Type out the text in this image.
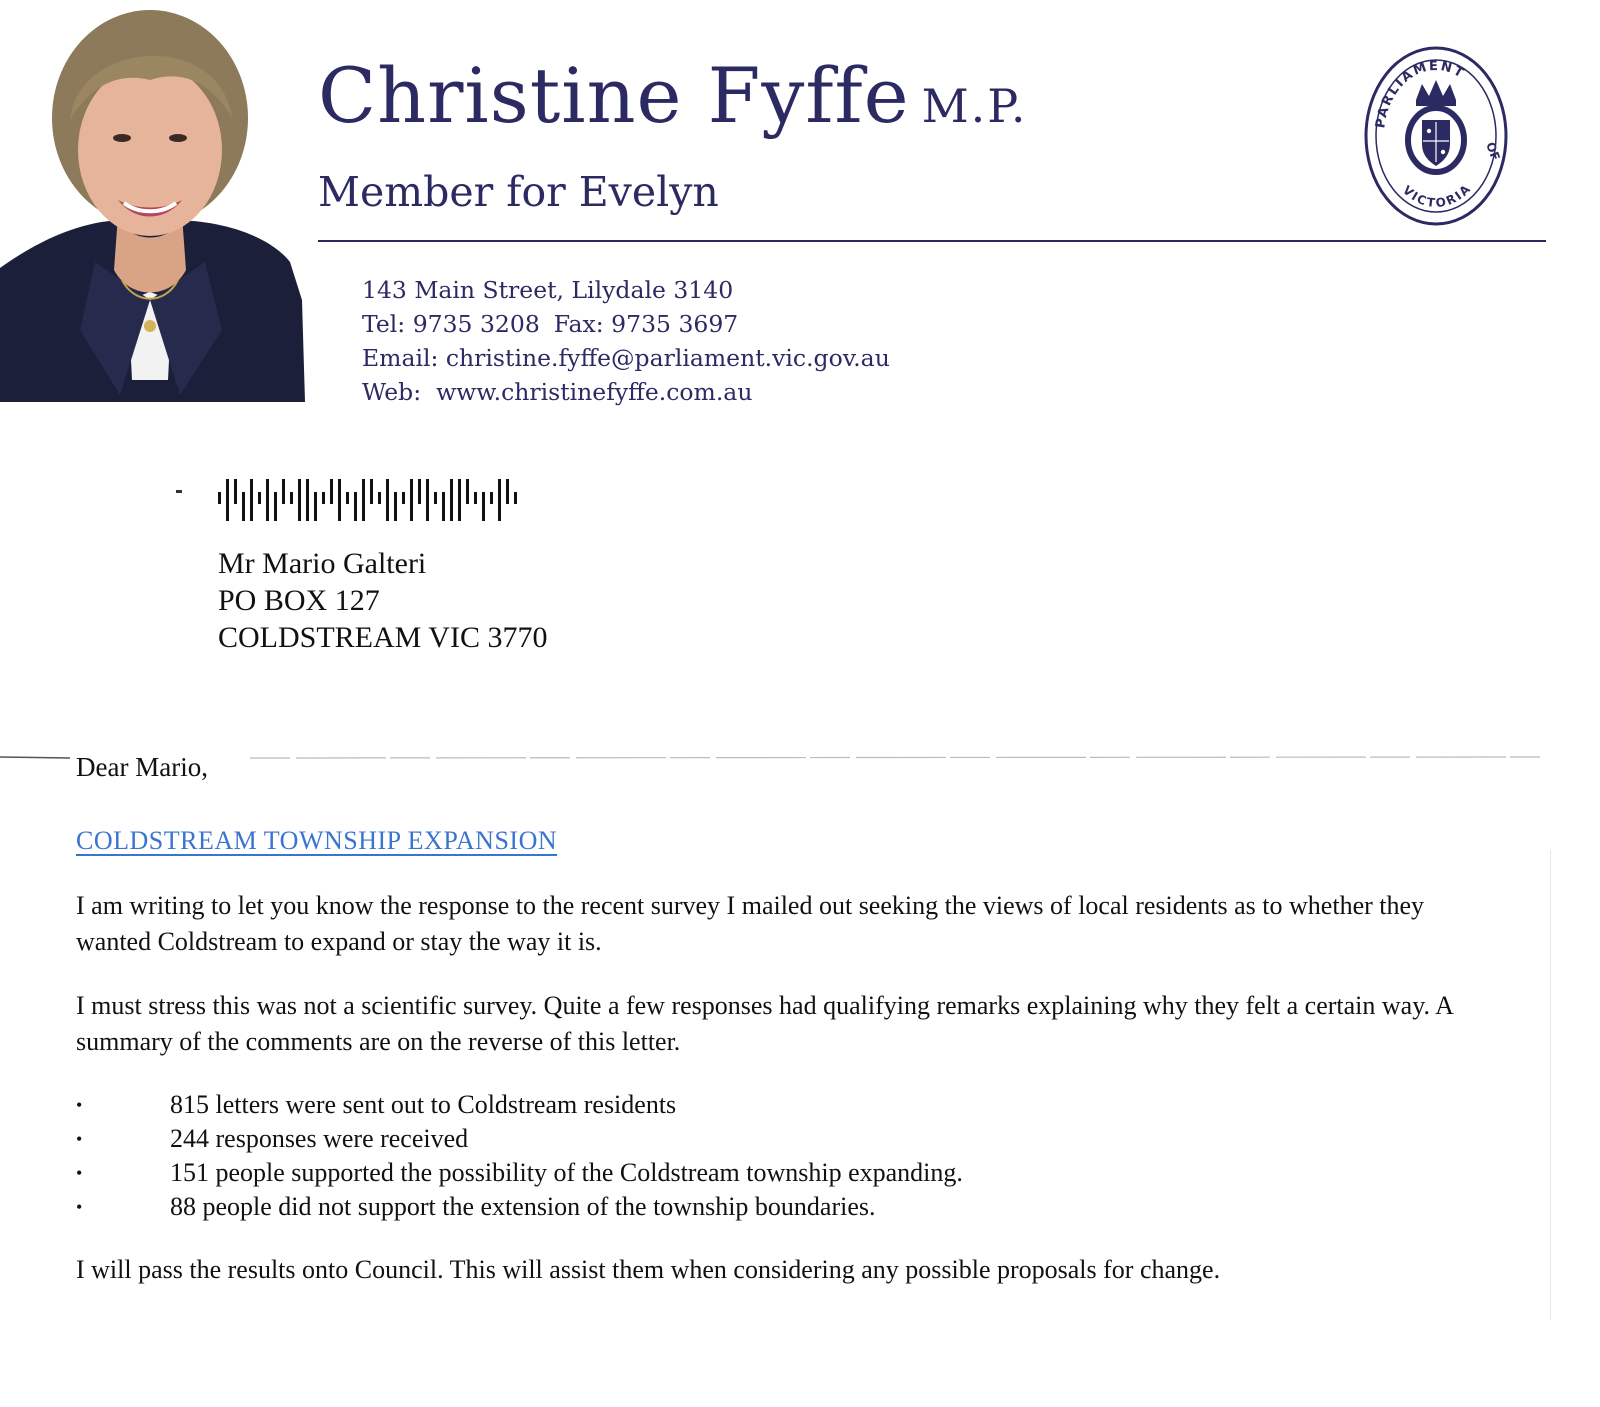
Christine Fyffe M.P.
Member for Evelyn
143 Main Street, Lilydale 3140
Tel: 9735 3208 Fax: 9735 3697
Email: christine.fyffe@parliament.vic.gov.au
Web: www.christinefyffe.com.au
PARLIAMENT
OF
VICTORIA
Mr Mario Galteri
PO BOX 127
COLDSTREAM VIC 3770
Dear Mario,
COLDSTREAM TOWNSHIP EXPANSION

I am writing to let you know the response to the recent survey I mailed out seeking the views of local residents as to whether they wanted Coldstream to expand or stay the way it is.

I must stress this was not a scientific survey. Quite a few responses had qualifying remarks explaining why they felt a certain way. A summary of the comments are on the reverse of this letter.

•	815 letters were sent out to Coldstream residents
•	244 responses were received
•	151 people supported the possibility of the Coldstream township expanding.
•	88 people did not support the extension of the township boundaries.

I will pass the results onto Council. This will assist them when considering any possible proposals for change.
